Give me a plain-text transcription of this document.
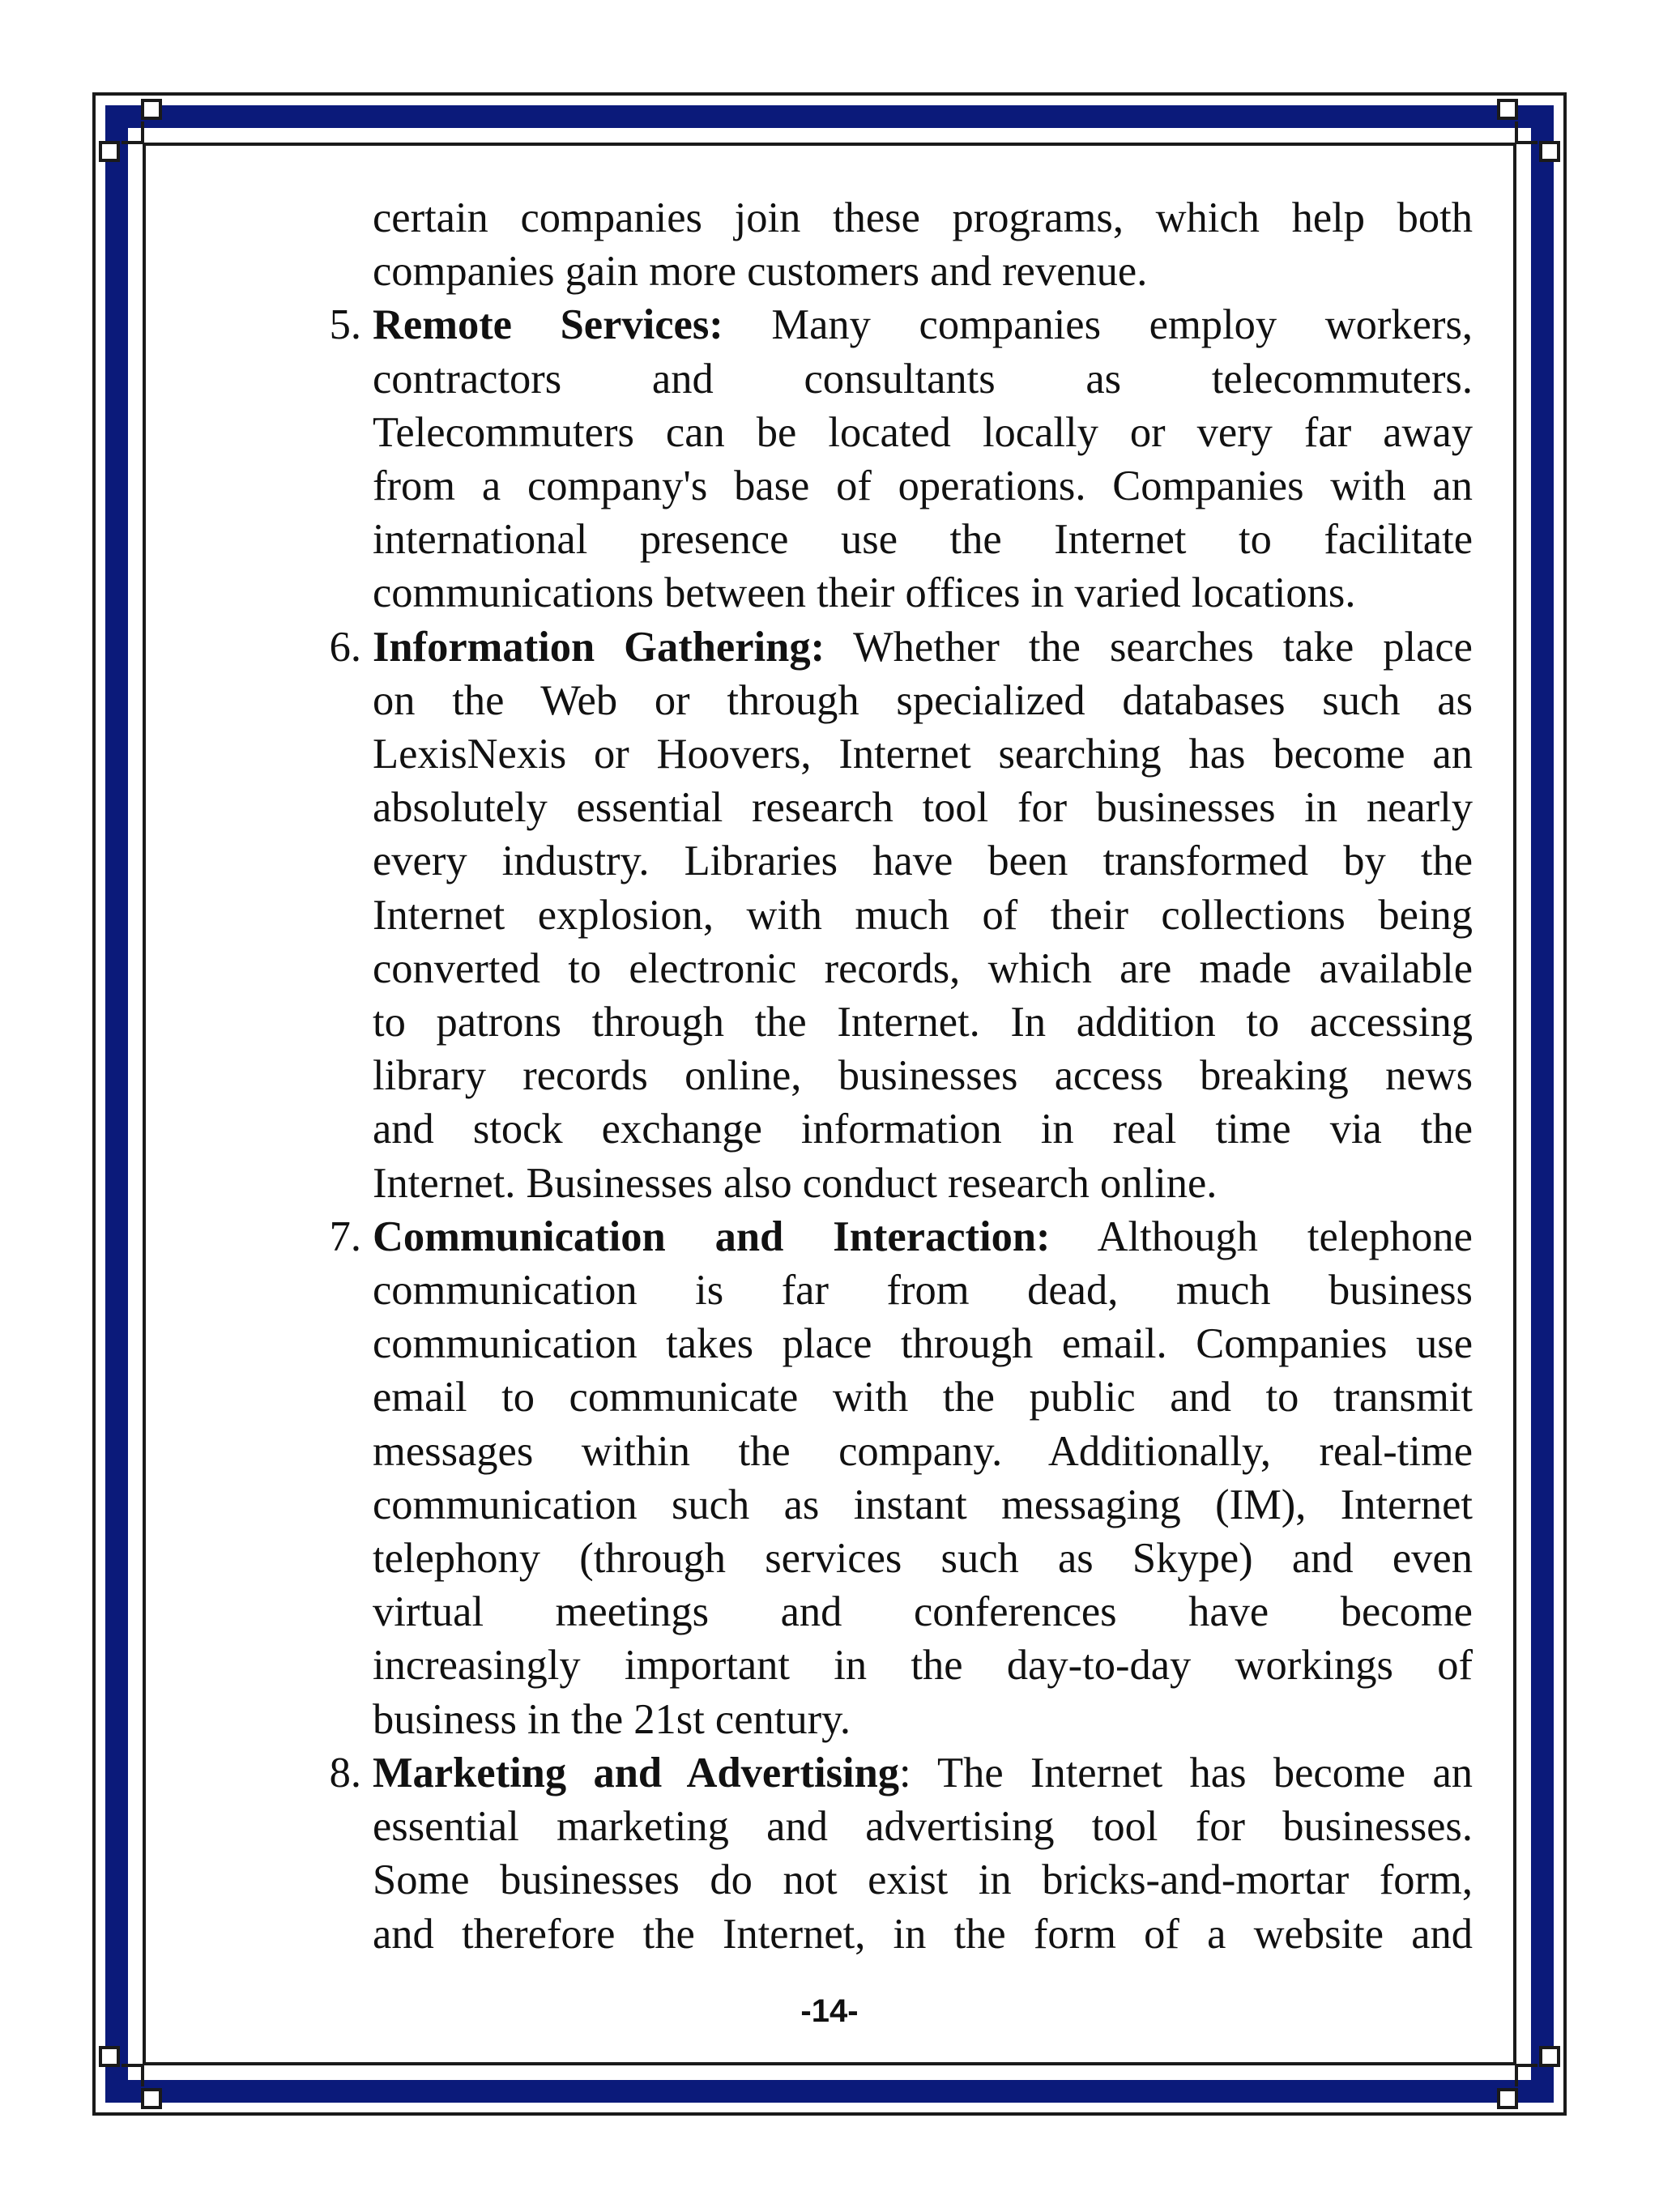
certain companies join these programs, which help both
companies gain more customers and revenue.
5. Remote Services: Many companies employ workers,
contractors and consultants as telecommuters.
Telecommuters can be located locally or very far away
from a company's base of operations. Companies with an
international presence use the Internet to facilitate
communications between their offices in varied locations.
6. Information Gathering: Whether the searches take place
on the Web or through specialized databases such as
LexisNexis or Hoovers, Internet searching has become an
absolutely essential research tool for businesses in nearly
every industry. Libraries have been transformed by the
Internet explosion, with much of their collections being
converted to electronic records, which are made available
to patrons through the Internet. In addition to accessing
library records online, businesses access breaking news
and stock exchange information in real time via the
Internet. Businesses also conduct research online.
7. Communication and Interaction: Although telephone
communication is far from dead, much business
communication takes place through email. Companies use
email to communicate with the public and to transmit
messages within the company. Additionally, real-time
communication such as instant messaging (IM), Internet
telephony (through services such as Skype) and even
virtual meetings and conferences have become
increasingly important in the day-to-day workings of
business in the 21st century.
8. Marketing and Advertising: The Internet has become an
essential marketing and advertising tool for businesses.
Some businesses do not exist in bricks-and-mortar form,
and therefore the Internet, in the form of a website and
-14-
